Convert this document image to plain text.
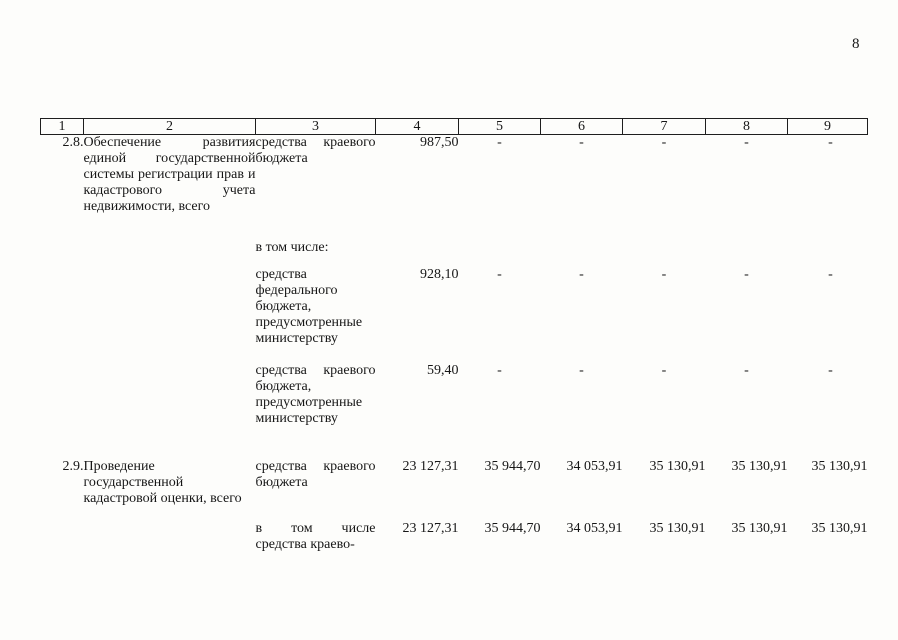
8
1	2	3	4	5	6	7	8	9
2.8.	Обеспечение развития единой государственной системы регистрации прав и кадастрового учета недвижимости, всего	средства краевого бюджета	987,50	-	-	-	-	-
		в том числе:						
		средства федерального бюджета, предусмотренные министерству	928,10	-	-	-	-	-
		средства краевого бюджета, предусмотренные министерству	59,40	-	-	-	-	-
2.9.	Проведение государственной кадастровой оценки, всего	средства краевого бюджета	23 127,31	35 944,70	34 053,91	35 130,91	35 130,91	35 130,91
		в том числе средства краево-	23 127,31	35 944,70	34 053,91	35 130,91	35 130,91	35 130,91
